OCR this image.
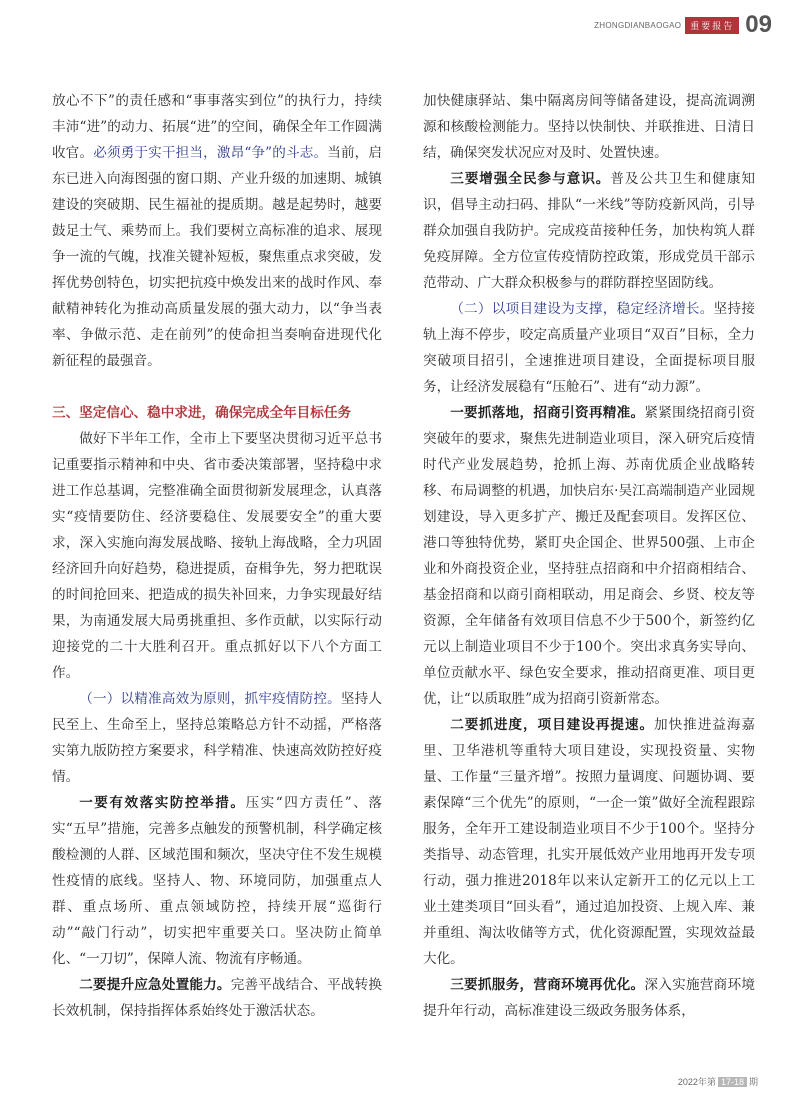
ZHONGDIANBAOGAO	重要报告 09

放心不下”的责任感和“事事落实到位”的执行力，持续丰沛“进”的动力、拓展“进”的空间，确保全年工作圆满收官。必须勇于实干担当，激昂“争”的斗志。当前，启东已进入向海图强的窗口期、产业升级的加速期、城镇建设的突破期、民生福祉的提质期。越是起势时，越要鼓足士气、乘势而上。我们要树立高标准的追求、展现争一流的气魄，找准关键补短板，聚焦重点求突破，发挥优势创特色，切实把抗疫中焕发出来的战时作风、奉献精神转化为推动高质量发展的强大动力，以“争当表率、争做示范、走在前列”的使命担当奏响奋进现代化新征程的最强音。

三、坚定信心、稳中求进，确保完成全年目标任务

做好下半年工作，全市上下要坚决贯彻习近平总书记重要指示精神和中央、省市委决策部署，坚持稳中求进工作总基调，完整准确全面贯彻新发展理念，认真落实“疫情要防住、经济要稳住、发展要安全”的重大要求，深入实施向海发展战略、接轨上海战略，全力巩固经济回升向好趋势，稳进提质，奋楫争先，努力把耽误的时间抢回来、把造成的损失补回来，力争实现最好结果，为南通发展大局勇挑重担、多作贡献，以实际行动迎接党的二十大胜利召开。重点抓好以下八个方面工作。

（一）以精准高效为原则，抓牢疫情防控。坚持人民至上、生命至上，坚持总策略总方针不动摇，严格落实第九版防控方案要求，科学精准、快速高效防控好疫情。

一要有效落实防控举措。压实“四方责任”、落实“五早”措施，完善多点触发的预警机制，科学确定核酸检测的人群、区域范围和频次，坚决守住不发生规模性疫情的底线。坚持人、物、环境同防，加强重点人群、重点场所、重点领域防控，持续开展“巡街行动”“敲门行动”，切实把牢重要关口。坚决防止简单化、“一刀切”，保障人流、物流有序畅通。

二要提升应急处置能力。完善平战结合、平战转换长效机制，保持指挥体系始终处于激活状态。

加快健康驿站、集中隔离房间等储备建设，提高流调溯源和核酸检测能力。坚持以快制快、并联推进、日清日结，确保突发状况应对及时、处置快速。

三要增强全民参与意识。普及公共卫生和健康知识，倡导主动扫码、排队“一米线”等防疫新风尚，引导群众加强自我防护。完成疫苗接种任务，加快构筑人群免疫屏障。全方位宣传疫情防控政策，形成党员干部示范带动、广大群众积极参与的群防群控坚固防线。

（二）以项目建设为支撑，稳定经济增长。坚持接轨上海不停步，咬定高质量产业项目“双百”目标，全力突破项目招引，全速推进项目建设，全面提标项目服务，让经济发展稳有“压舱石”、进有“动力源”。

一要抓落地，招商引资再精准。紧紧围绕招商引资突破年的要求，聚焦先进制造业项目，深入研究后疫情时代产业发展趋势，抢抓上海、苏南优质企业战略转移、布局调整的机遇，加快启东·吴江高端制造产业园规划建设，导入更多扩产、搬迁及配套项目。发挥区位、港口等独特优势，紧盯央企国企、世界500强、上市企业和外商投资企业，坚持驻点招商和中介招商相结合、基金招商和以商引商相联动，用足商会、乡贤、校友等资源，全年储备有效项目信息不少于500个，新签约亿元以上制造业项目不少于100个。突出求真务实导向、单位贡献水平、绿色安全要求，推动招商更准、项目更优，让“以质取胜”成为招商引资新常态。

二要抓进度，项目建设再提速。加快推进益海嘉里、卫华港机等重特大项目建设，实现投资量、实物量、工作量“三量齐增”。按照力量调度、问题协调、要素保障“三个优先”的原则，“一企一策”做好全流程跟踪服务，全年开工建设制造业项目不少于100个。坚持分类指导、动态管理，扎实开展低效产业用地再开发专项行动，强力推进2018年以来认定新开工的亿元以上工业土建类项目“回头看”，通过追加投资、上规入库、兼并重组、淘汰收储等方式，优化资源配置，实现效益最大化。

三要抓服务，营商环境再优化。深入实施营商环境提升年行动，高标准建设三级政务服务体系，

2022年 第 17-18 期
